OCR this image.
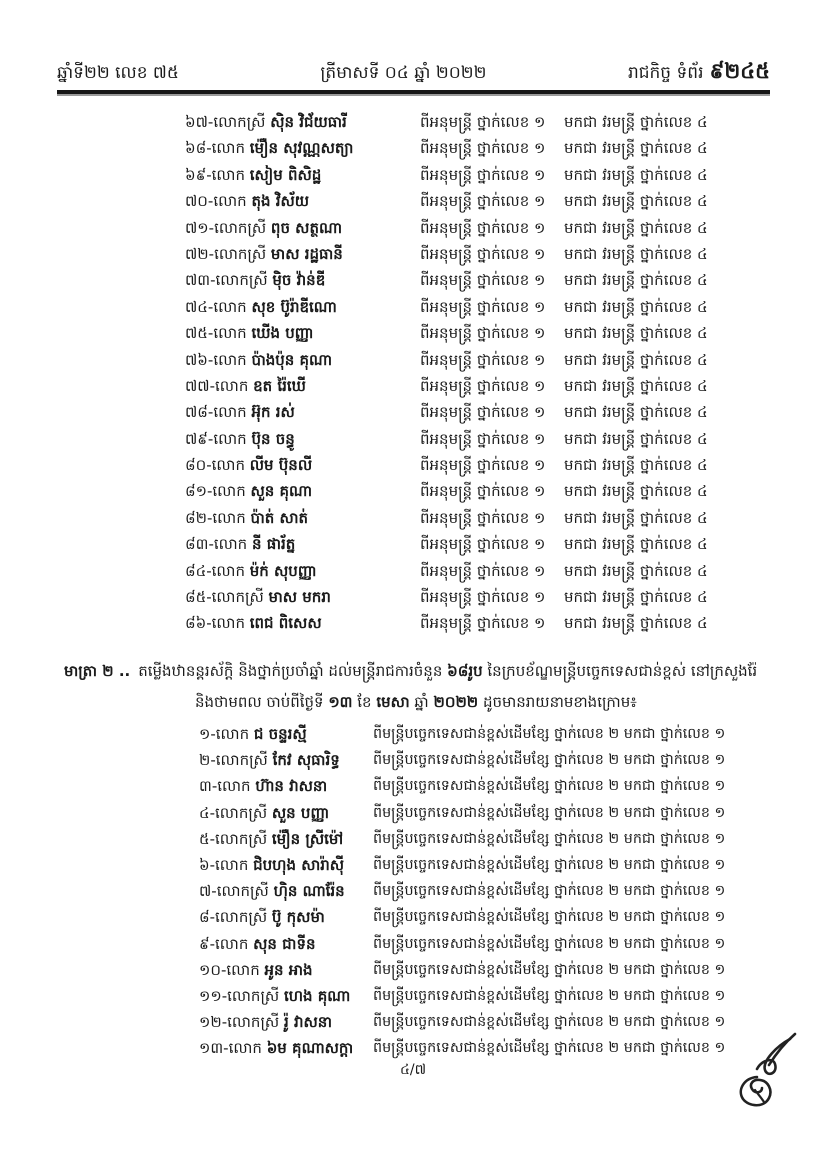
ឆ្នាំទី២២ លេខ ៧៥	ត្រីមាសទី ០៤ ឆ្នាំ ២០២២	រាជកិច្ច ទំព័រ ៩២៤៥
៦៧-លោកស្រី ស៊ិន វិជ័យធារី	ពីអនុមន្ត្រី ថ្នាក់លេខ ១ មកជា វរមន្ត្រី ថ្នាក់លេខ ៤
៦៨-លោក ម៉ឿន សុវណ្ណសត្យា	ពីអនុមន្ត្រី ថ្នាក់លេខ ១ មកជា វរមន្ត្រី ថ្នាក់លេខ ៤
៦៩-លោក សៀម ពិសិដ្ឋ	ពីអនុមន្ត្រី ថ្នាក់លេខ ១ មកជា វរមន្ត្រី ថ្នាក់លេខ ៤
៧០-លោក តុង វិស័យ	ពីអនុមន្ត្រី ថ្នាក់លេខ ១ មកជា វរមន្ត្រី ថ្នាក់លេខ ៤
៧១-លោកស្រី ពុច សត្ថណា	ពីអនុមន្ត្រី ថ្នាក់លេខ ១ មកជា វរមន្ត្រី ថ្នាក់លេខ ៤
៧២-លោកស្រី មាស រដ្ឋធានី	ពីអនុមន្ត្រី ថ្នាក់លេខ ១ មកជា វរមន្ត្រី ថ្នាក់លេខ ៤
៧៣-លោកស្រី ម៉ិច វ៉ាន់ឌី	ពីអនុមន្ត្រី ថ្នាក់លេខ ១ មកជា វរមន្ត្រី ថ្នាក់លេខ ៤
៧៤-លោក សុខ ប៊ូរ៉ាឌីណោ	ពីអនុមន្ត្រី ថ្នាក់លេខ ១ មកជា វរមន្ត្រី ថ្នាក់លេខ ៤
៧៥-លោក ឃើង បញ្ញា	ពីអនុមន្ត្រី ថ្នាក់លេខ ១ មកជា វរមន្ត្រី ថ្នាក់លេខ ៤
៧៦-លោក ប៉ាងប៉ុន គុណា	ពីអនុមន្ត្រី ថ្នាក់លេខ ១ មកជា វរមន្ត្រី ថ្នាក់លេខ ៤
៧៧-លោក ឧត រ៉ៃឃើ	ពីអនុមន្ត្រី ថ្នាក់លេខ ១ មកជា វរមន្ត្រី ថ្នាក់លេខ ៤
៧៨-លោក អ៊ុក រស់	ពីអនុមន្ត្រី ថ្នាក់លេខ ១ មកជា វរមន្ត្រី ថ្នាក់លេខ ៤
៧៩-លោក ប៊ុន ចន្ធូ	ពីអនុមន្ត្រី ថ្នាក់លេខ ១ មកជា វរមន្ត្រី ថ្នាក់លេខ ៤
៨០-លោក លីម ប៊ុនលី	ពីអនុមន្ត្រី ថ្នាក់លេខ ១ មកជា វរមន្ត្រី ថ្នាក់លេខ ៤
៨១-លោក សួន គុណា	ពីអនុមន្ត្រី ថ្នាក់លេខ ១ មកជា វរមន្ត្រី ថ្នាក់លេខ ៤
៨២-លោក ប៉ាត់ សាត់	ពីអនុមន្ត្រី ថ្នាក់លេខ ១ មកជា វរមន្ត្រី ថ្នាក់លេខ ៤
៨៣-លោក នី ផារ័ត្ន	ពីអនុមន្ត្រី ថ្នាក់លេខ ១ មកជា វរមន្ត្រី ថ្នាក់លេខ ៤
៨៤-លោក ម៉ក់ សុបញ្ញា	ពីអនុមន្ត្រី ថ្នាក់លេខ ១ មកជា វរមន្ត្រី ថ្នាក់លេខ ៤
៨៥-លោកស្រី មាស មករា	ពីអនុមន្ត្រី ថ្នាក់លេខ ១ មកជា វរមន្ត្រី ថ្នាក់លេខ ៤
៨៦-លោក ពេជ ពិសេស	ពីអនុមន្ត្រី ថ្នាក់លេខ ១ មកជា វរមន្ត្រី ថ្នាក់លេខ ៤
មាត្រា ២ .. តម្លើងឋានន្តរស័ក្តិ និងថ្នាក់ប្រចាំឆ្នាំ ដល់មន្ត្រីរាជការចំនួន ៦៨រូប នៃក្របខ័ណ្ឌមន្ត្រីបច្ចេកទេសជាន់ខ្ពស់ នៅក្រសួងរ៉ែ និងថាមពល ចាប់ពីថ្ងៃទី ១៣ ខែ មេសា ឆ្នាំ ២០២២ ដូចមានរាយនាមខាងក្រោម៖
១-លោក ជ ចន្ទរស្មី	ពីមន្ត្រីបច្ចេកទេសជាន់ខ្ពស់ដើមខ្សែ ថ្នាក់លេខ ២ មកជា ថ្នាក់លេខ ១
២-លោកស្រី កែវ សុធារិទ្ធ ពីមន្ត្រីបច្ចេកទេសជាន់ខ្ពស់ដើមខ្សែ ថ្នាក់លេខ ២ មកជា ថ្នាក់លេខ ១
៣-លោក ហ៊ាន វាសនា	ពីមន្ត្រីបច្ចេកទេសជាន់ខ្ពស់ដើមខ្សែ ថ្នាក់លេខ ២ មកជា ថ្នាក់លេខ ១
៤-លោកស្រី សួន បញ្ញា	ពីមន្ត្រីបច្ចេកទេសជាន់ខ្ពស់ដើមខ្សែ ថ្នាក់លេខ ២ មកជា ថ្នាក់លេខ ១
៥-លោកស្រី ម៉ឿន ស្រីម៉ៅ ពីមន្ត្រីបច្ចេកទេសជាន់ខ្ពស់ដើមខ្សែ ថ្នាក់លេខ ២ មកជា ថ្នាក់លេខ ១
៦-លោក ជិបហុង សារ៉ាស៊ី ពីមន្ត្រីបច្ចេកទេសជាន់ខ្ពស់ដើមខ្សែ ថ្នាក់លេខ ២ មកជា ថ្នាក់លេខ ១
៧-លោកស្រី ហ៊ិន ណារ៉ែន ពីមន្ត្រីបច្ចេកទេសជាន់ខ្ពស់ដើមខ្សែ ថ្នាក់លេខ ២ មកជា ថ្នាក់លេខ ១
៨-លោកស្រី ប៊ូ កុសម៉ា	ពីមន្ត្រីបច្ចេកទេសជាន់ខ្ពស់ដើមខ្សែ ថ្នាក់លេខ ២ មកជា ថ្នាក់លេខ ១
៩-លោក សុន ជាទីន	ពីមន្ត្រីបច្ចេកទេសជាន់ខ្ពស់ដើមខ្សែ ថ្នាក់លេខ ២ មកជា ថ្នាក់លេខ ១
១០-លោក អូន អាង	ពីមន្ត្រីបច្ចេកទេសជាន់ខ្ពស់ដើមខ្សែ ថ្នាក់លេខ ២ មកជា ថ្នាក់លេខ ១
១១-លោកស្រី ហេង គុណា ពីមន្ត្រីបច្ចេកទេសជាន់ខ្ពស់ដើមខ្សែ ថ្នាក់លេខ ២ មកជា ថ្នាក់លេខ ១
១២-លោកស្រី រ៉ូ វាសនា	ពីមន្ត្រីបច្ចេកទេសជាន់ខ្ពស់ដើមខ្សែ ថ្នាក់លេខ ២ មកជា ថ្នាក់លេខ ១
១៣-លោក ៦ម គុណាសក្តា ពីមន្ត្រីបច្ចេកទេសជាន់ខ្ពស់ដើមខ្សែ ថ្នាក់លេខ ២ មកជា ថ្នាក់លេខ ១
៤/៧
